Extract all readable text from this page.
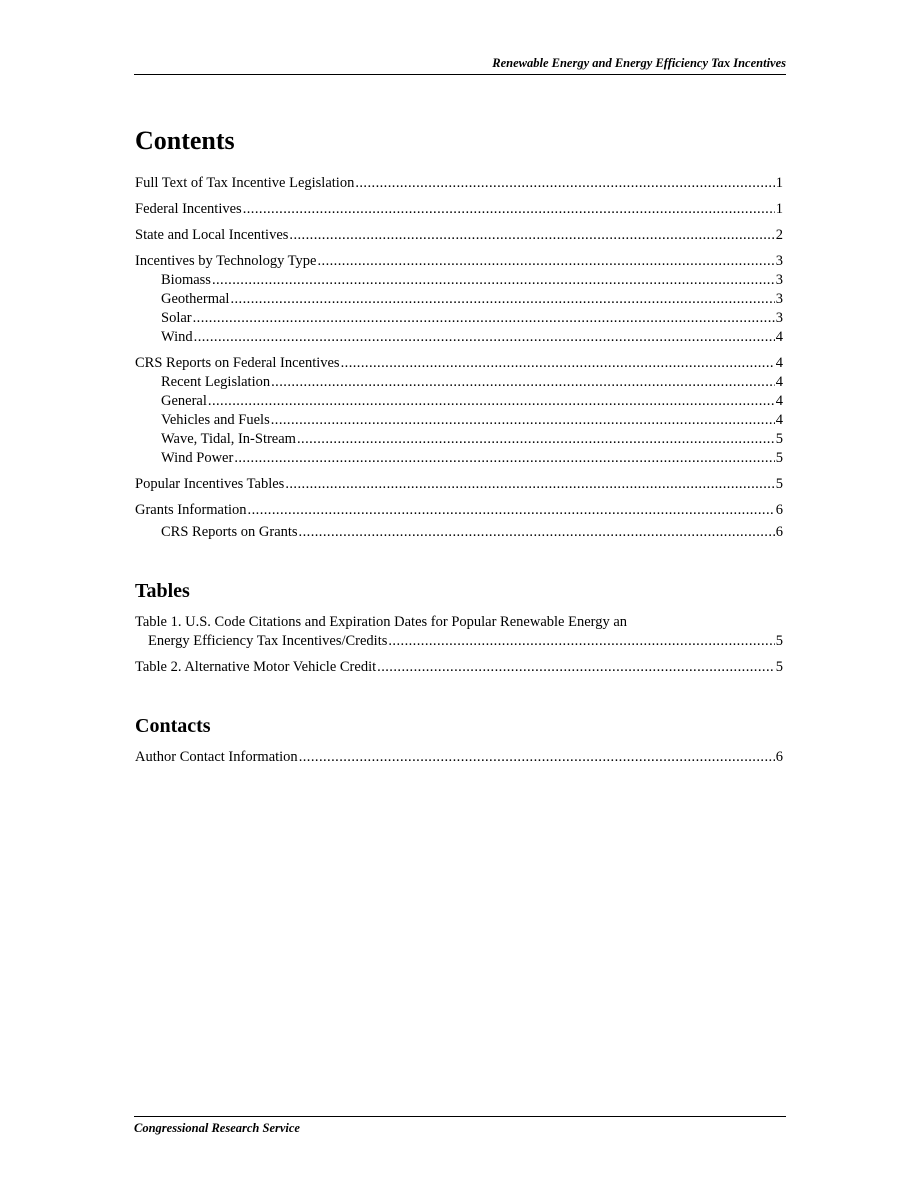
Renewable Energy and Energy Efficiency Tax Incentives
Contents
Full Text of Tax Incentive Legislation . . .	1
Federal Incentives . . .	1
State and Local Incentives . . .	2
Incentives by Technology Type . . .	3
Biomass . . .	3
Geothermal . . .	3
Solar . . .	3
Wind . . .	4
CRS Reports on Federal Incentives . . .	4
Recent Legislation . . .	4
General . . .	4
Vehicles and Fuels . . .	4
Wave, Tidal, In-Stream . . .	5
Wind Power . . .	5
Popular Incentives Tables . . .	5
Grants Information . . .	6
CRS Reports on Grants . . .	6
Tables
Table 1. U.S. Code Citations and Expiration Dates for Popular Renewable Energy an
Energy Efficiency Tax Incentives/Credits . . .	5
Table 2. Alternative Motor Vehicle Credit . . .	5
Contacts
Author Contact Information . . .	6
Congressional Research Service
